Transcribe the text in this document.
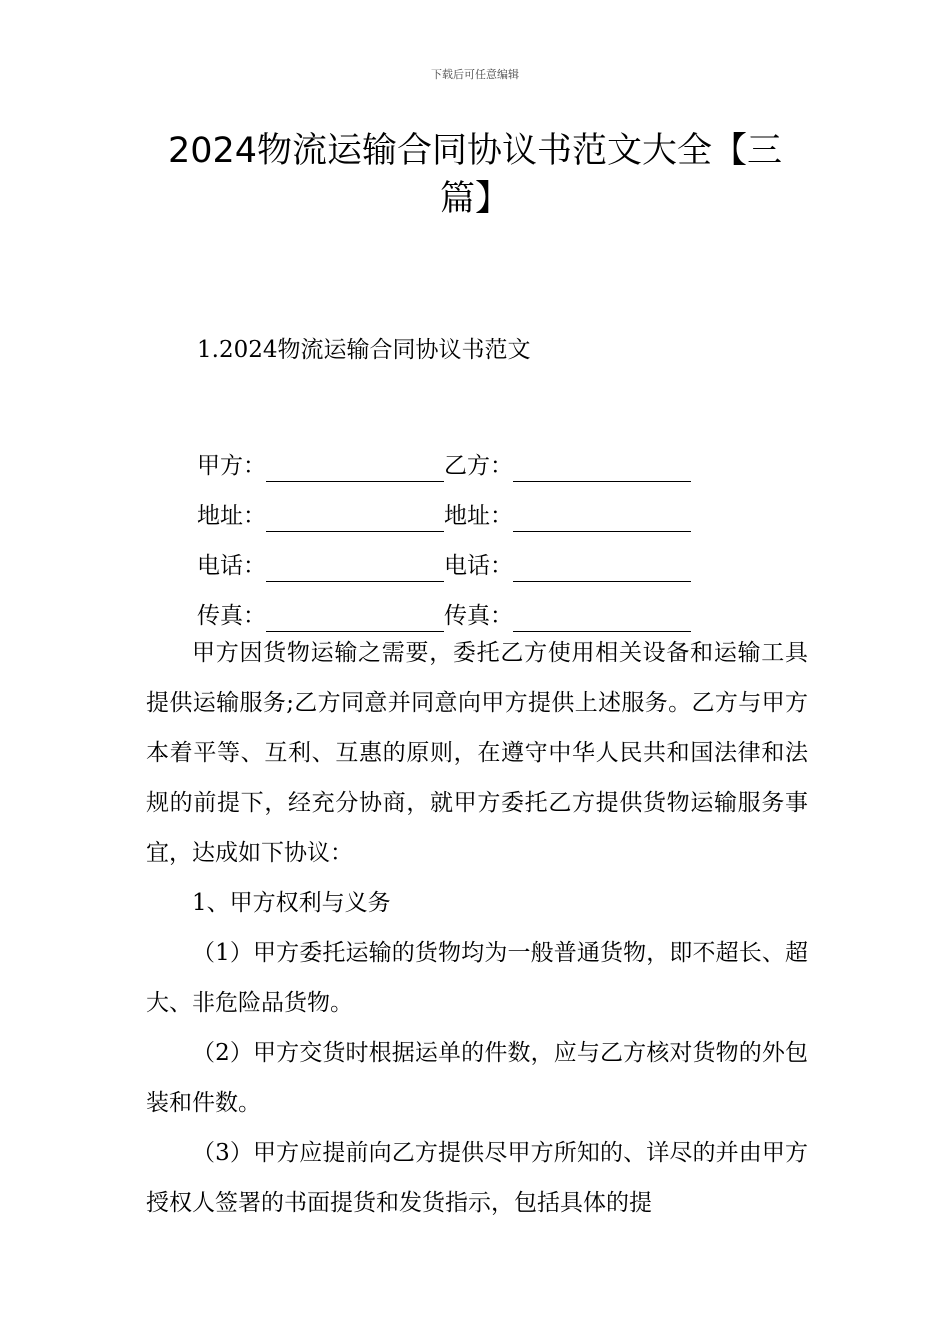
下载后可任意编辑
2024物流运输合同协议书范文大全【三篇】
1.2024物流运输合同协议书范文
甲方：	乙方：
地址：	地址：
电话：	电话：
传真：	传真：

甲方因货物运输之需要，委托乙方使用相关设备和运输工具提供运输服务;乙方同意并同意向甲方提供上述服务。乙方与甲方本着平等、互利、互惠的原则，在遵守中华人民共和国法律和法规的前提下，经充分协商，就甲方委托乙方提供货物运输服务事宜，达成如下协议：

1、甲方权利与义务

（1）甲方委托运输的货物均为一般普通货物，即不超长、超大、非危险品货物。

（2）甲方交货时根据运单的件数，应与乙方核对货物的外包装和件数。

（3）甲方应提前向乙方提供尽甲方所知的、详尽的并由甲方授权人签署的书面提货和发货指示，包括具体的提
